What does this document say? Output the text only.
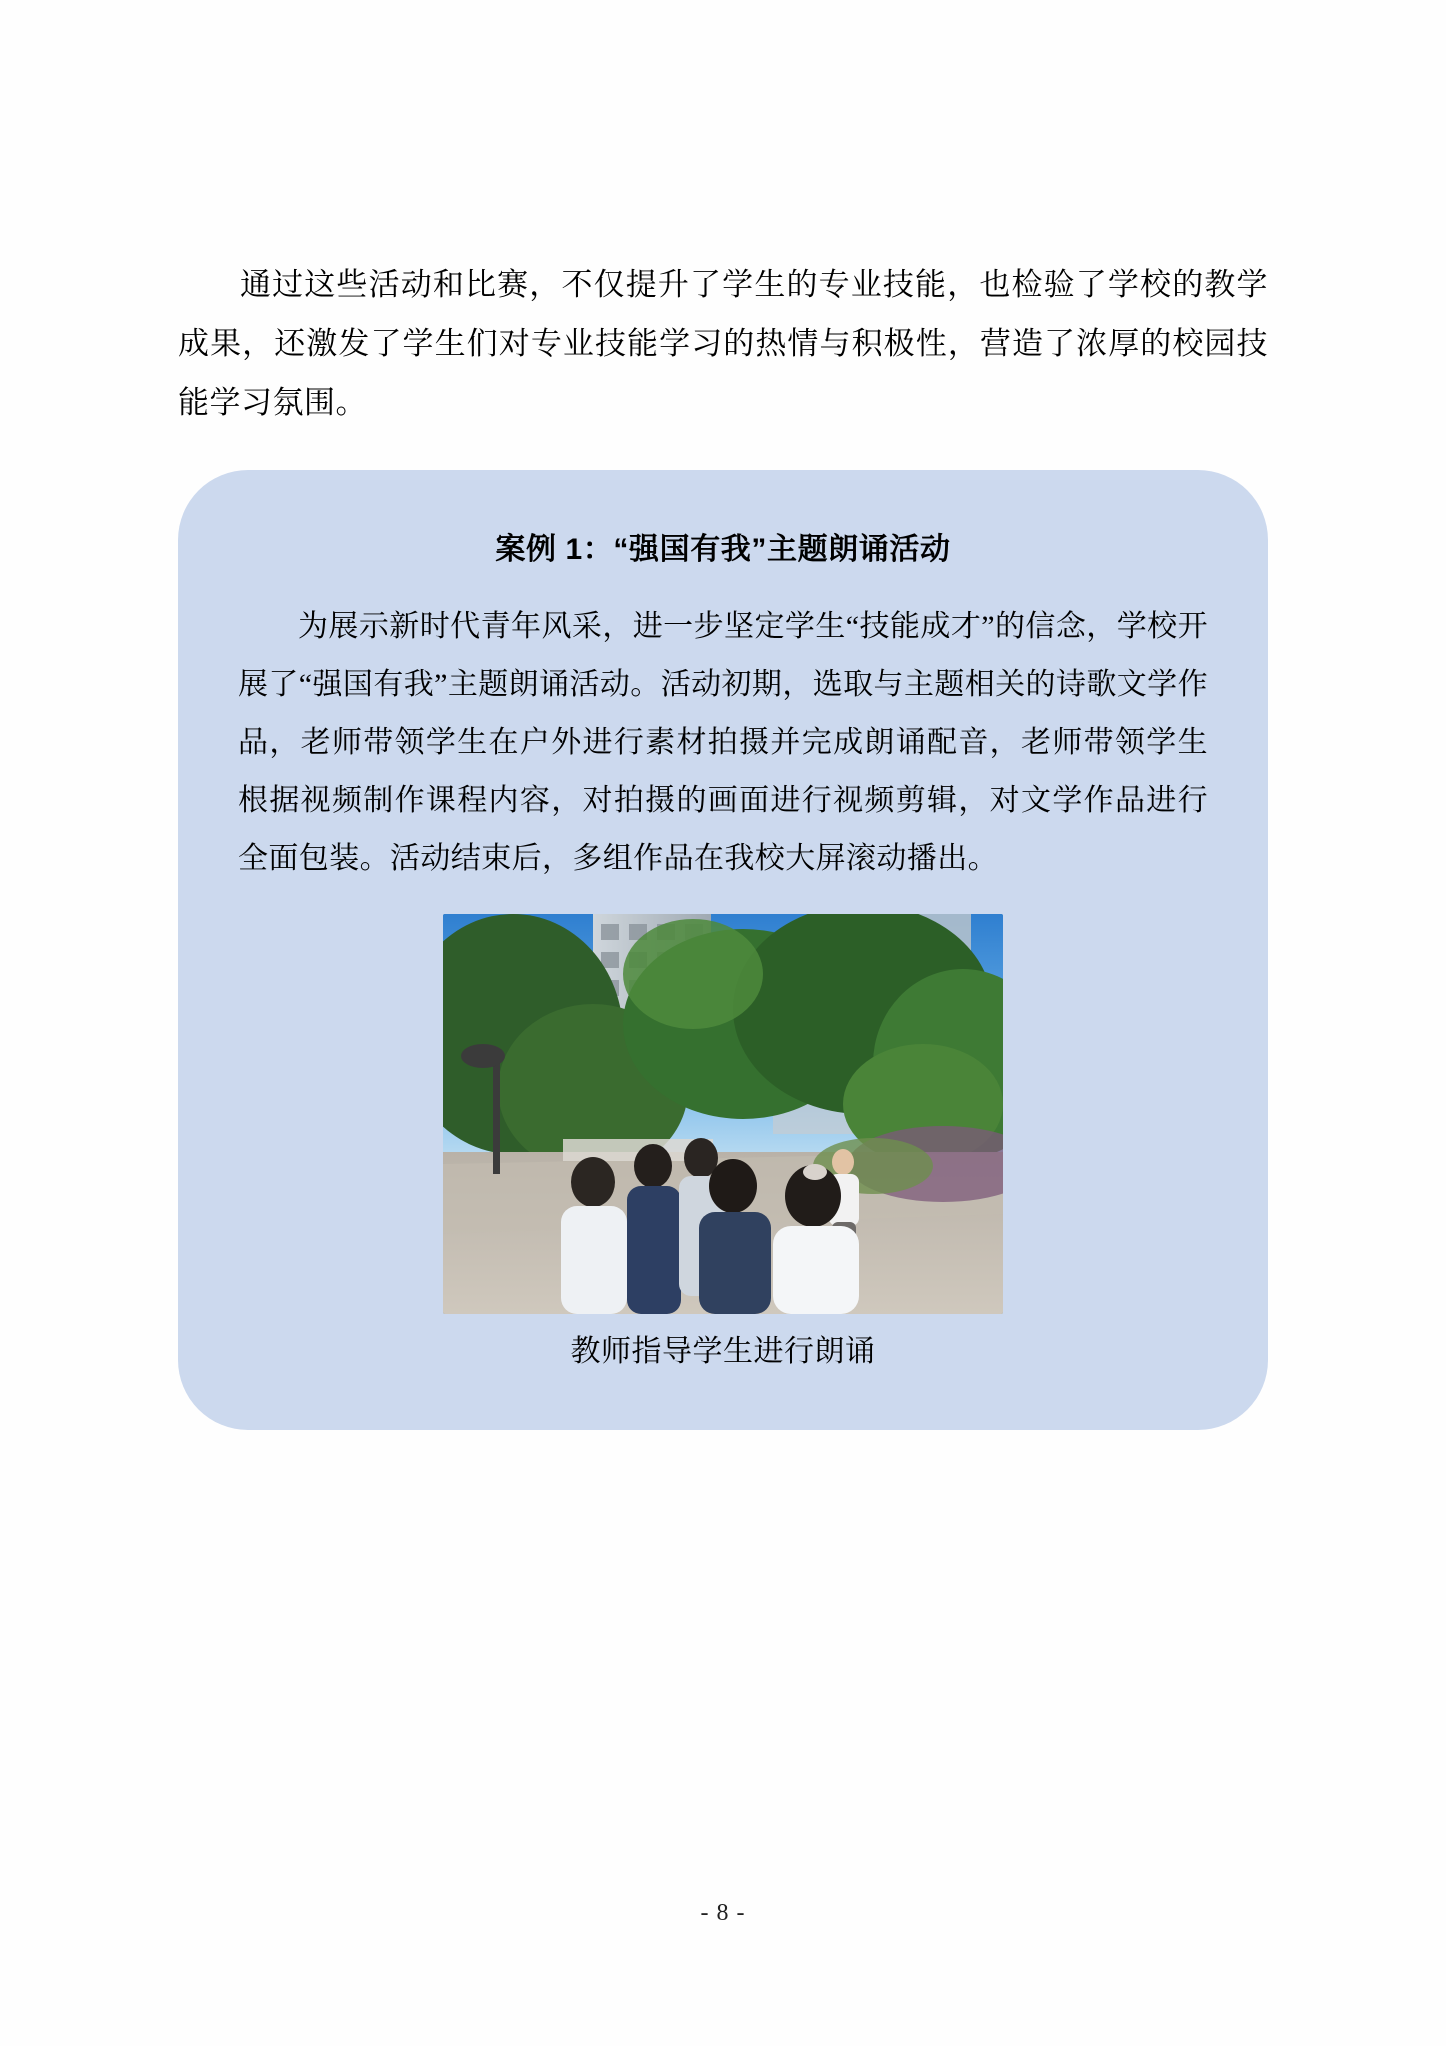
通过这些活动和比赛，不仅提升了学生的专业技能，也检验了学校的教学成果，还激发了学生们对专业技能学习的热情与积极性，营造了浓厚的校园技能学习氛围。

案例 1：“强国有我”主题朗诵活动

为展示新时代青年风采，进一步坚定学生“技能成才”的信念，学校开展了“强国有我”主题朗诵活动。活动初期，选取与主题相关的诗歌文学作品，老师带领学生在户外进行素材拍摄并完成朗诵配音，老师带领学生根据视频制作课程内容，对拍摄的画面进行视频剪辑，对文学作品进行全面包装。活动结束后，多组作品在我校大屏滚动播出。

教师指导学生进行朗诵
- 8 -
